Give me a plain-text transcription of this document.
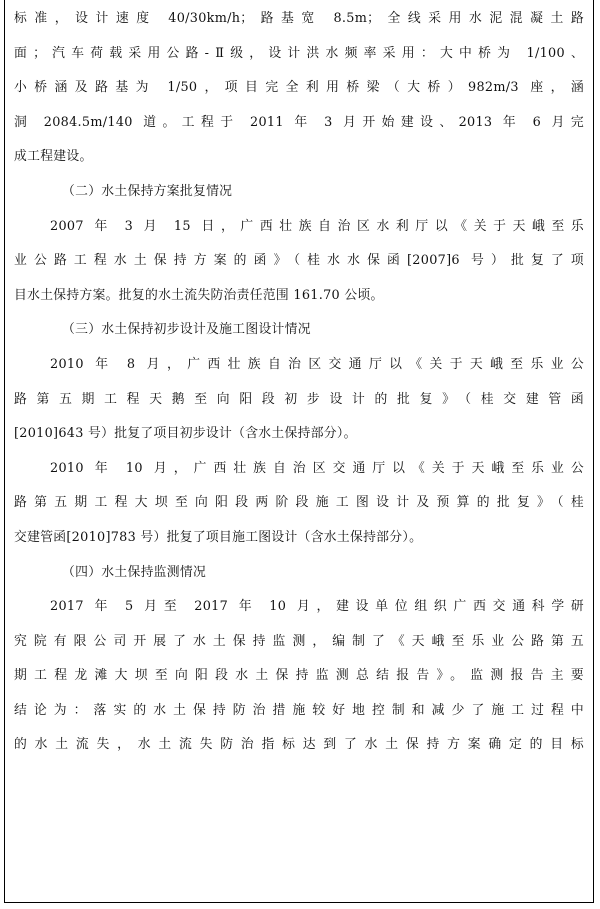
标准，设计速度 40/30km/h；路基宽 8.5m；全线采用水泥混凝土路
面；汽车荷载采用公路-Ⅱ级，设计洪水频率采用：大中桥为 1/100、
小桥涵及路基为 1/50，项目完全利用桥梁（大桥）982m/3 座，涵
洞 2084.5m/140 道。工程于 2011 年 3 月开始建设、2013 年 6 月完
成工程建设。
（二）水土保持方案批复情况
2007 年 3 月 15 日，广西壮族自治区水利厅以《关于天峨至乐
业公路工程水土保持方案的函》（桂水水保函[2007]6 号）批复了项
目水土保持方案。批复的水土流失防治责任范围 161.70 公顷。
（三）水土保持初步设计及施工图设计情况
2010 年 8 月，广西壮族自治区交通厅以《关于天峨至乐业公
路第五期工程天鹅至向阳段初步设计的批复》（桂交建管函
[2010]643 号）批复了项目初步设计（含水土保持部分）。
2010 年 10 月，广西壮族自治区交通厅以《关于天峨至乐业公
路第五期工程大坝至向阳段两阶段施工图设计及预算的批复》（桂
交建管函[2010]783 号）批复了项目施工图设计（含水土保持部分）。
（四）水土保持监测情况
2017 年 5 月至 2017 年 10 月，建设单位组织广西交通科学研
究院有限公司开展了水土保持监测，编制了《天峨至乐业公路第五
期工程龙滩大坝至向阳段水土保持监测总结报告》。监测报告主要
结论为：落实的水土保持防治措施较好地控制和减少了施工过程中
的水土流失，水土流失防治指标达到了水土保持方案确定的目标
